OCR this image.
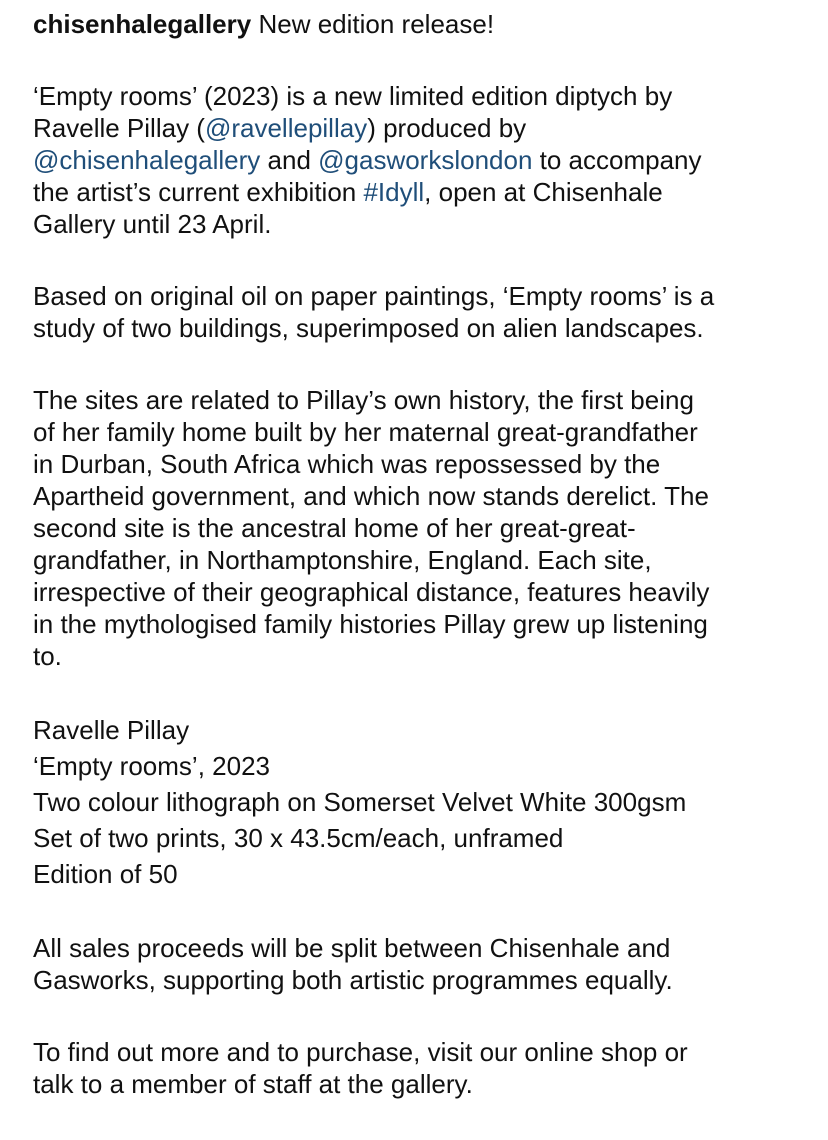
chisenhalegallery New edition release!

‘Empty rooms’ (2023) is a new limited edition diptych by
Ravelle Pillay (@ravellepillay) produced by
@chisenhalegallery and @gasworkslondon to accompany
the artist’s current exhibition #Idyll, open at Chisenhale
Gallery until 23 April.

Based on original oil on paper paintings, ‘Empty rooms’ is a
study of two buildings, superimposed on alien landscapes.

The sites are related to Pillay’s own history, the first being
of her family home built by her maternal great-grandfather
in Durban, South Africa which was repossessed by the
Apartheid government, and which now stands derelict. The
second site is the ancestral home of her great-great-
grandfather, in Northamptonshire, England. Each site,
irrespective of their geographical distance, features heavily
in the mythologised family histories Pillay grew up listening
to.

Ravelle Pillay
‘Empty rooms’, 2023
Two colour lithograph on Somerset Velvet White 300gsm
Set of two prints, 30 x 43.5cm/each, unframed
Edition of 50

All sales proceeds will be split between Chisenhale and
Gasworks, supporting both artistic programmes equally.

To find out more and to purchase, visit our online shop or
talk to a member of staff at the gallery.
